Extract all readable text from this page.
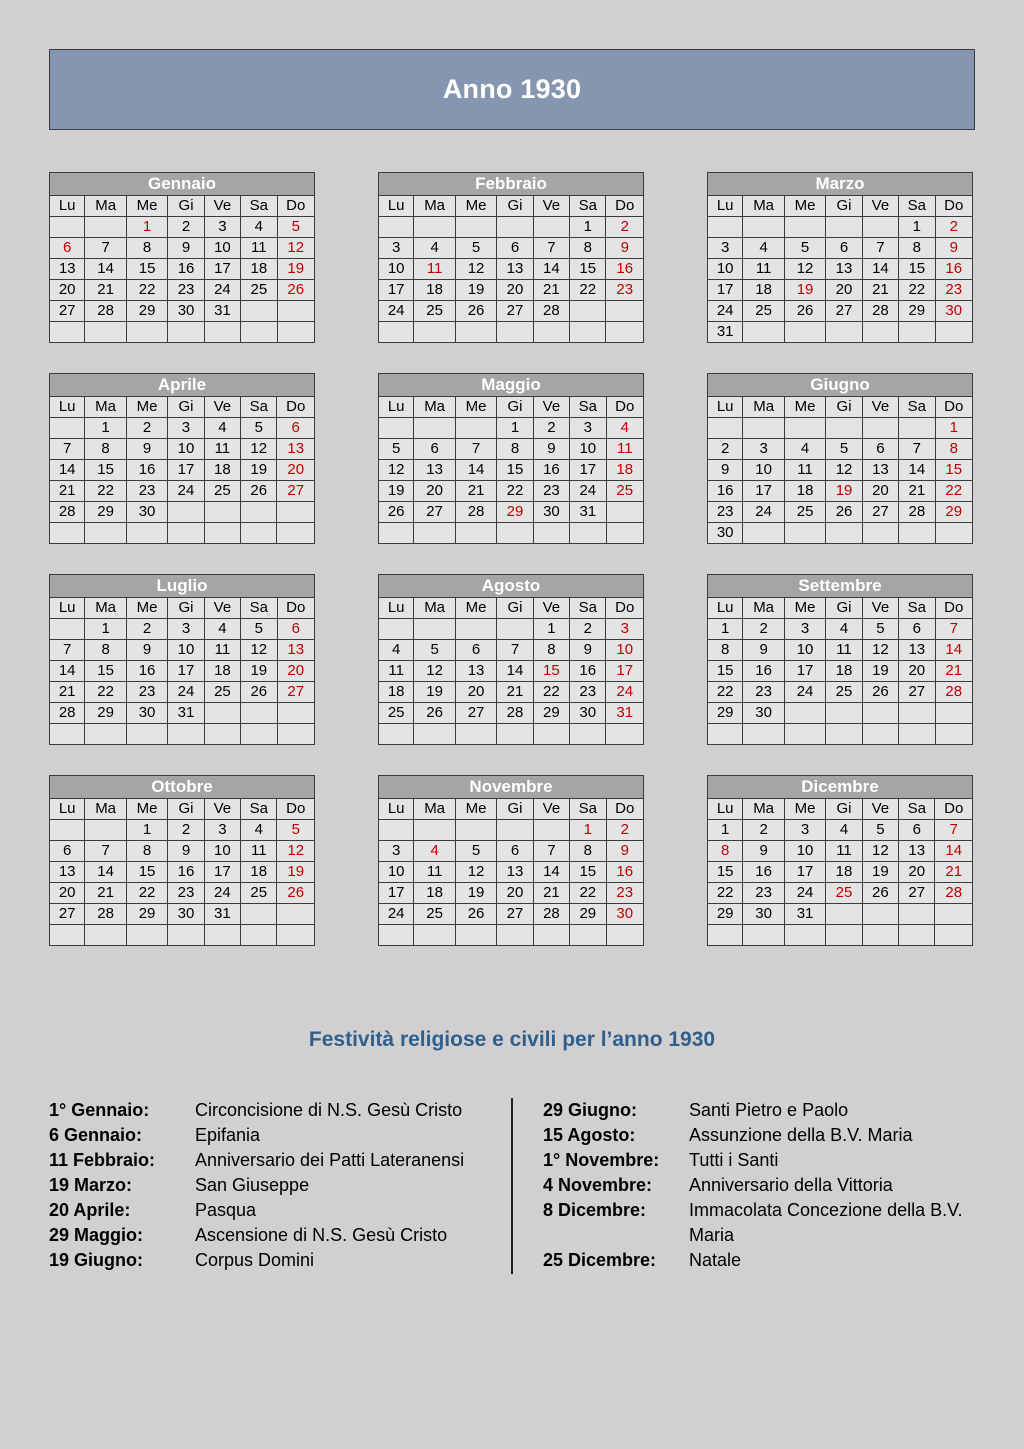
Anno 1930
Gennaio						
Lu	Ma	Me	Gi	Ve	Sa	Do
		1	2	3	4	5
6	7	8	9	10	11	12
13	14	15	16	17	18	19
20	21	22	23	24	25	26
27	28	29	30	31		

Febbraio						
Lu	Ma	Me	Gi	Ve	Sa	Do
					1	2
3	4	5	6	7	8	9
10	11	12	13	14	15	16
17	18	19	20	21	22	23
24	25	26	27	28		

Marzo						
Lu	Ma	Me	Gi	Ve	Sa	Do
					1	2
3	4	5	6	7	8	9
10	11	12	13	14	15	16
17	18	19	20	21	22	23
24	25	26	27	28	29	30
31						
Aprile						
Lu	Ma	Me	Gi	Ve	Sa	Do
	1	2	3	4	5	6
7	8	9	10	11	12	13
14	15	16	17	18	19	20
21	22	23	24	25	26	27
28	29	30				

Maggio						
Lu	Ma	Me	Gi	Ve	Sa	Do
			1	2	3	4
5	6	7	8	9	10	11
12	13	14	15	16	17	18
19	20	21	22	23	24	25
26	27	28	29	30	31	

Giugno						
Lu	Ma	Me	Gi	Ve	Sa	Do
						1
2	3	4	5	6	7	8
9	10	11	12	13	14	15
16	17	18	19	20	21	22
23	24	25	26	27	28	29
30						
Luglio						
Lu	Ma	Me	Gi	Ve	Sa	Do
	1	2	3	4	5	6
7	8	9	10	11	12	13
14	15	16	17	18	19	20
21	22	23	24	25	26	27
28	29	30	31			

Agosto						
Lu	Ma	Me	Gi	Ve	Sa	Do
				1	2	3
4	5	6	7	8	9	10
11	12	13	14	15	16	17
18	19	20	21	22	23	24
25	26	27	28	29	30	31

Settembre						
Lu	Ma	Me	Gi	Ve	Sa	Do
1	2	3	4	5	6	7
8	9	10	11	12	13	14
15	16	17	18	19	20	21
22	23	24	25	26	27	28
29	30					

Ottobre						
Lu	Ma	Me	Gi	Ve	Sa	Do
		1	2	3	4	5
6	7	8	9	10	11	12
13	14	15	16	17	18	19
20	21	22	23	24	25	26
27	28	29	30	31		

Novembre						
Lu	Ma	Me	Gi	Ve	Sa	Do
					1	2
3	4	5	6	7	8	9
10	11	12	13	14	15	16
17	18	19	20	21	22	23
24	25	26	27	28	29	30

Dicembre						
Lu	Ma	Me	Gi	Ve	Sa	Do
1	2	3	4	5	6	7
8	9	10	11	12	13	14
15	16	17	18	19	20	21
22	23	24	25	26	27	28
29	30	31				

Festività religiose e civili per l’anno 1930
1° Gennaio:	Circoncisione di N.S. Gesù Cristo
6 Gennaio:	Epifania
11 Febbraio:	Anniversario dei Patti Lateranensi
19 Marzo:	San Giuseppe
20 Aprile:	Pasqua
29 Maggio:	Ascensione di N.S. Gesù Cristo
19 Giugno:	Corpus Domini
29 Giugno:	Santi Pietro e Paolo
15 Agosto:	Assunzione della B.V. Maria
1° Novembre:	Tutti i Santi
4 Novembre:	Anniversario della Vittoria
8 Dicembre:	Immacolata Concezione della B.V. Maria
25 Dicembre:	Natale
